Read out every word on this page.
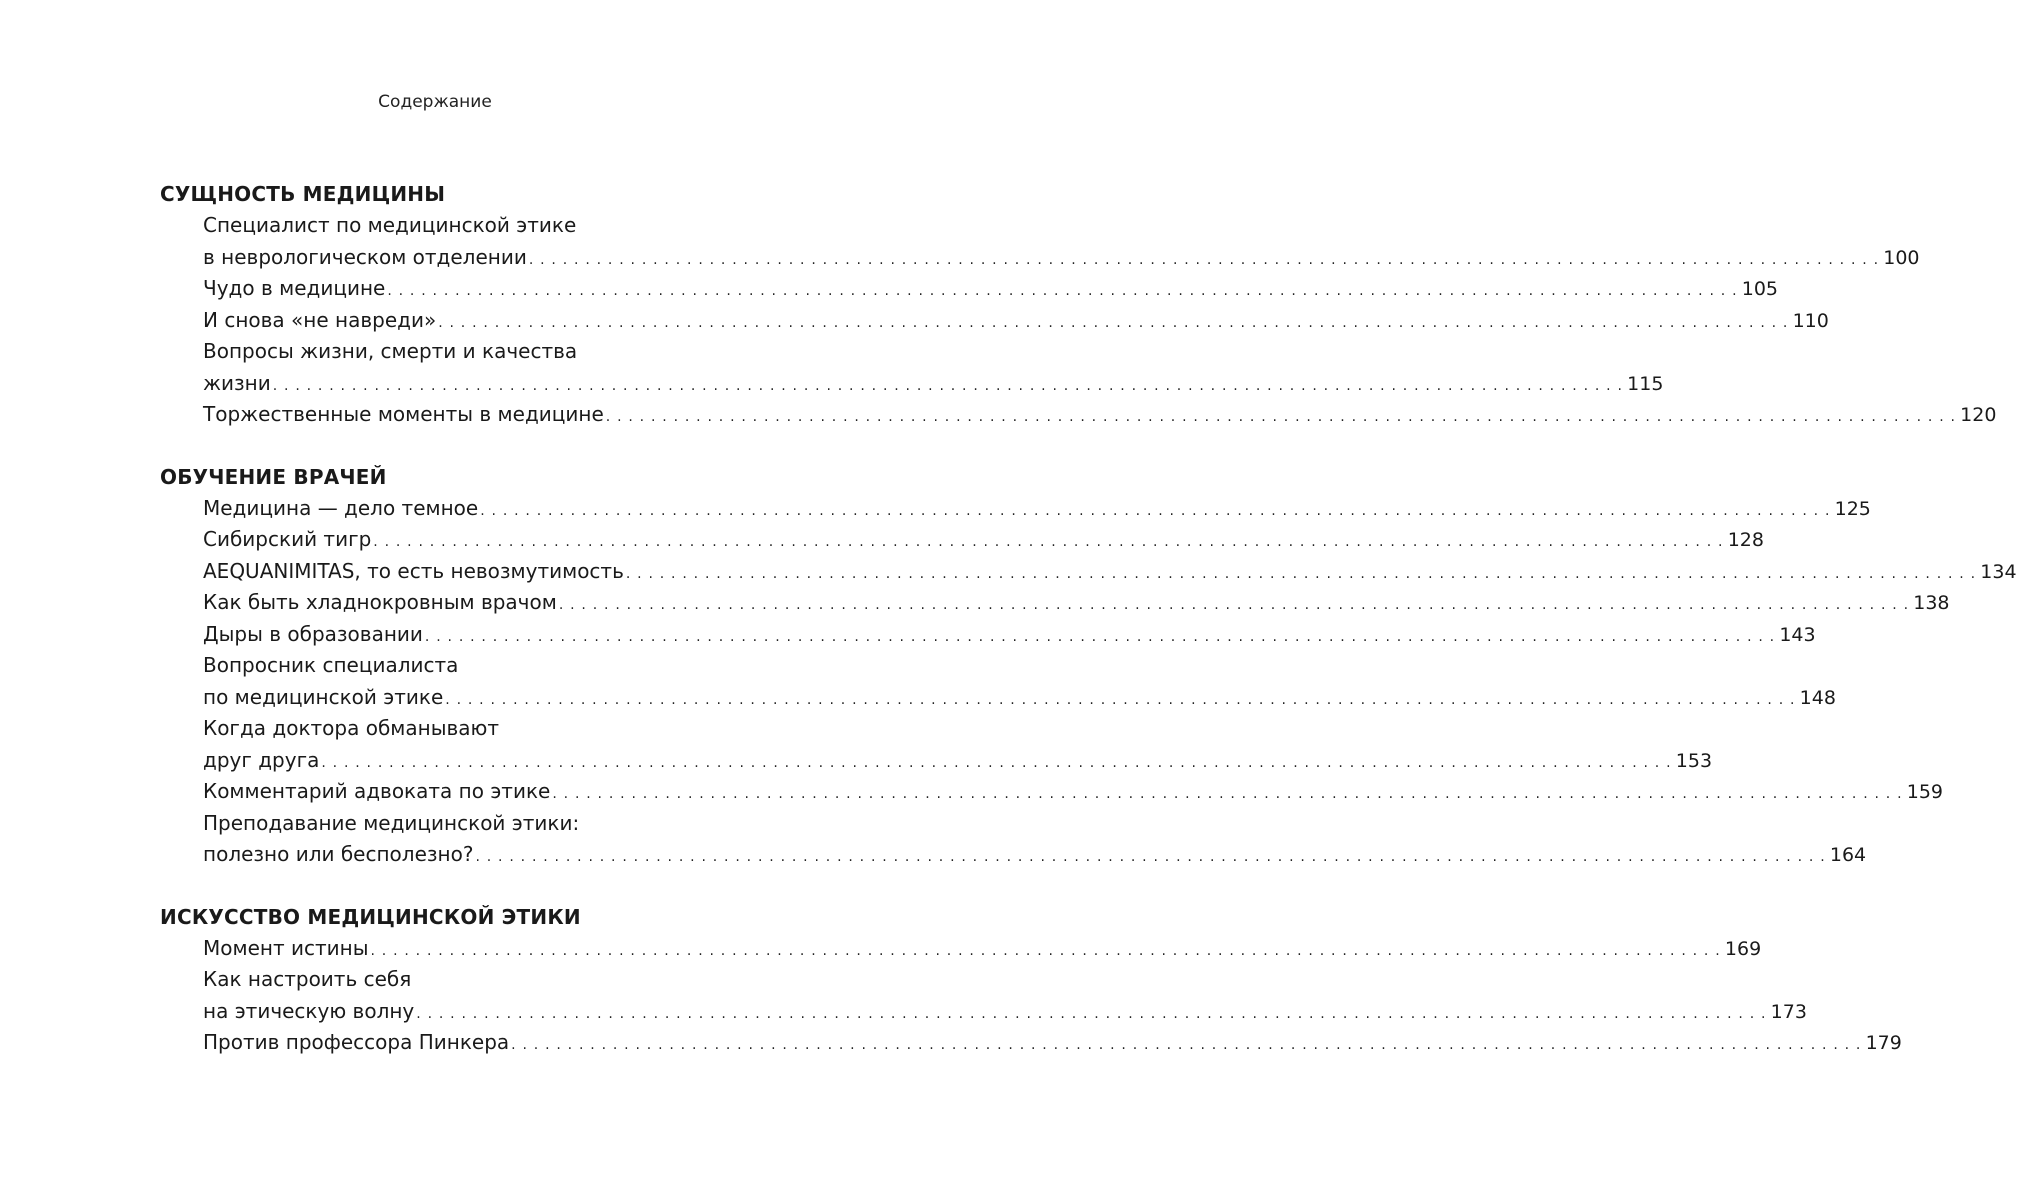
Содержание
СУЩНОСТЬ МЕДИЦИНЫ
Специалист по медицинской этике
в неврологическом отделении . . . . . . . . . . . . . . . . . . . . . . . . . . . . . . . . . . . . . . . . . . . . . . . . . . . . . . . . . . . . . . . . . . . . . . . . . . . . . . . . . . . . . . . . . . . . . . . . . . . . . . . . . . . . . . . . . . . . . . . . 100
Чудо в медицине . . . . . . . . . . . . . . . . . . . . . . . . . . . . . . . . . . . . . . . . . . . . . . . . . . . . . . . . . . . . . . . . . . . . . . . . . . . . . . . . . . . . . . . . . . . . . . . . . . . . . . . . . . . . . . . . . . . . . . . . 105
И снова «не навреди» . . . . . . . . . . . . . . . . . . . . . . . . . . . . . . . . . . . . . . . . . . . . . . . . . . . . . . . . . . . . . . . . . . . . . . . . . . . . . . . . . . . . . . . . . . . . . . . . . . . . . . . . . . . . . . . . . . . . . . . . 110
Вопросы жизни, смерти и качества
жизни . . . . . . . . . . . . . . . . . . . . . . . . . . . . . . . . . . . . . . . . . . . . . . . . . . . . . . . . . . . . . . . . . . . . . . . . . . . . . . . . . . . . . . . . . . . . . . . . . . . . . . . . . . . . . . . . . . . . . . . . 115
Торжественные моменты в медицине . . . . . . . . . . . . . . . . . . . . . . . . . . . . . . . . . . . . . . . . . . . . . . . . . . . . . . . . . . . . . . . . . . . . . . . . . . . . . . . . . . . . . . . . . . . . . . . . . . . . . . . . . . . . . . . . . . . . . . . . 120
ОБУЧЕНИЕ ВРАЧЕЙ
Медицина — дело темное . . . . . . . . . . . . . . . . . . . . . . . . . . . . . . . . . . . . . . . . . . . . . . . . . . . . . . . . . . . . . . . . . . . . . . . . . . . . . . . . . . . . . . . . . . . . . . . . . . . . . . . . . . . . . . . . . . . . . . . . 125
Сибирский тигр . . . . . . . . . . . . . . . . . . . . . . . . . . . . . . . . . . . . . . . . . . . . . . . . . . . . . . . . . . . . . . . . . . . . . . . . . . . . . . . . . . . . . . . . . . . . . . . . . . . . . . . . . . . . . . . . . . . . . . . . 128
AEQUANIMITAS, то есть невозмутимость . . . . . . . . . . . . . . . . . . . . . . . . . . . . . . . . . . . . . . . . . . . . . . . . . . . . . . . . . . . . . . . . . . . . . . . . . . . . . . . . . . . . . . . . . . . . . . . . . . . . . . . . . . . . . . . . . . . . . . . . 134
Как быть хладнокровным врачом . . . . . . . . . . . . . . . . . . . . . . . . . . . . . . . . . . . . . . . . . . . . . . . . . . . . . . . . . . . . . . . . . . . . . . . . . . . . . . . . . . . . . . . . . . . . . . . . . . . . . . . . . . . . . . . . . . . . . . . . 138
Дыры в образовании . . . . . . . . . . . . . . . . . . . . . . . . . . . . . . . . . . . . . . . . . . . . . . . . . . . . . . . . . . . . . . . . . . . . . . . . . . . . . . . . . . . . . . . . . . . . . . . . . . . . . . . . . . . . . . . . . . . . . . . . 143
Вопросник специалиста
по медицинской этике . . . . . . . . . . . . . . . . . . . . . . . . . . . . . . . . . . . . . . . . . . . . . . . . . . . . . . . . . . . . . . . . . . . . . . . . . . . . . . . . . . . . . . . . . . . . . . . . . . . . . . . . . . . . . . . . . . . . . . . . 148
Когда доктора обманывают
друг друга . . . . . . . . . . . . . . . . . . . . . . . . . . . . . . . . . . . . . . . . . . . . . . . . . . . . . . . . . . . . . . . . . . . . . . . . . . . . . . . . . . . . . . . . . . . . . . . . . . . . . . . . . . . . . . . . . . . . . . . . 153
Комментарий адвоката по этике . . . . . . . . . . . . . . . . . . . . . . . . . . . . . . . . . . . . . . . . . . . . . . . . . . . . . . . . . . . . . . . . . . . . . . . . . . . . . . . . . . . . . . . . . . . . . . . . . . . . . . . . . . . . . . . . . . . . . . . . 159
Преподавание медицинской этики:
полезно или бесполезно? . . . . . . . . . . . . . . . . . . . . . . . . . . . . . . . . . . . . . . . . . . . . . . . . . . . . . . . . . . . . . . . . . . . . . . . . . . . . . . . . . . . . . . . . . . . . . . . . . . . . . . . . . . . . . . . . . . . . . . . . 164
ИСКУССТВО МЕДИЦИНСКОЙ ЭТИКИ
Момент истины . . . . . . . . . . . . . . . . . . . . . . . . . . . . . . . . . . . . . . . . . . . . . . . . . . . . . . . . . . . . . . . . . . . . . . . . . . . . . . . . . . . . . . . . . . . . . . . . . . . . . . . . . . . . . . . . . . . . . . . . 169
Как настроить себя
на этическую волну . . . . . . . . . . . . . . . . . . . . . . . . . . . . . . . . . . . . . . . . . . . . . . . . . . . . . . . . . . . . . . . . . . . . . . . . . . . . . . . . . . . . . . . . . . . . . . . . . . . . . . . . . . . . . . . . . . . . . . . . 173
Против профессора Пинкера . . . . . . . . . . . . . . . . . . . . . . . . . . . . . . . . . . . . . . . . . . . . . . . . . . . . . . . . . . . . . . . . . . . . . . . . . . . . . . . . . . . . . . . . . . . . . . . . . . . . . . . . . . . . . . . . . . . . . . . . 179
